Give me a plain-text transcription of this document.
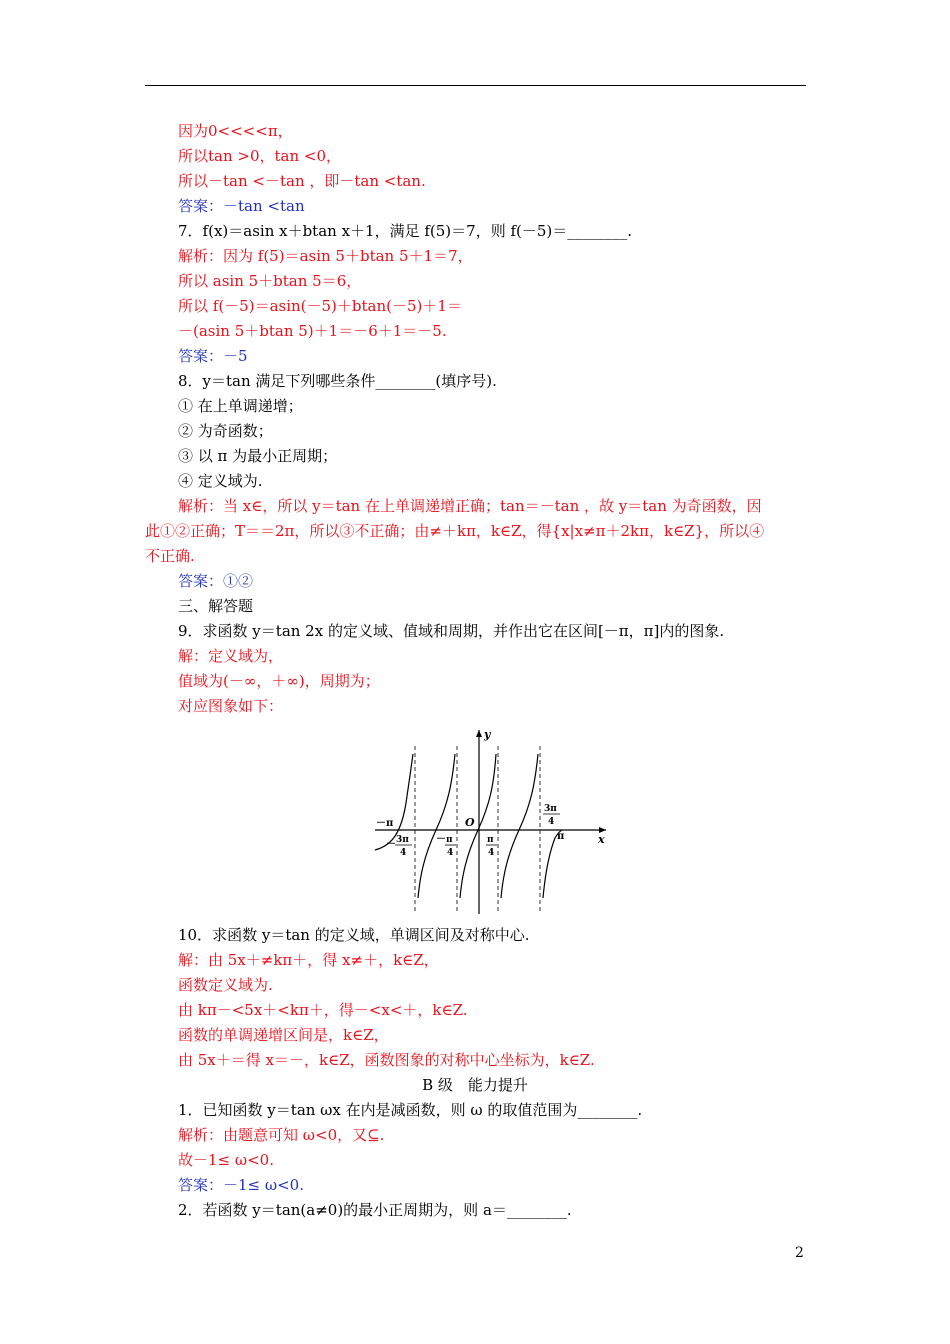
因为0<<<<π，
所以tan >0，tan <0，
所以－tan <－tan ，即－tan <tan.
答案：－tan <tan
7．f(x)＝asin x＋btan x＋1，满足 f(5)＝7，则 f(－5)＝________.
解析：因为 f(5)＝asin 5＋btan 5＋1＝7，
所以 asin 5＋btan 5＝6，
所以 f(－5)＝asin(－5)＋btan(－5)＋1＝
－(asin 5＋btan 5)＋1＝－6＋1＝－5.
答案：－5
8．y＝tan 满足下列哪些条件________(填序号).
① 在上单调递增；
② 为奇函数；
③ 以 π 为最小正周期；
④ 定义域为.
解析：当 x∈，所以 y＝tan 在上单调递增正确；tan＝－tan ，故 y＝tan 为奇函数，因
此①②正确；T＝＝2π，所以③不正确；由≠＋kπ，k∈Z，得{x|x≠π＋2kπ，k∈Z}，所以④
不正确.
答案：①②
三、解答题
9．求函数 y＝tan 2x 的定义域、值域和周期，并作出它在区间[－π，π]内的图象.
解：定义域为，
值域为(－∞，＋∞)，周期为；
对应图象如下：
y
x
O
－π
－ 3π
4
－ π
4
π
4
3π
4
π
10．求函数 y＝tan 的定义域，单调区间及对称中心.
解：由 5x＋≠kπ＋，得 x≠＋，k∈Z，
函数定义域为.
由 kπ－<5x＋<kπ＋，得－<x<＋，k∈Z.
函数的单调递增区间是，k∈Z，
由 5x＋＝得 x＝－，k∈Z，函数图象的对称中心坐标为，k∈Z.
B 级　能力提升
1．已知函数 y＝tan ωx 在内是减函数，则 ω 的取值范围为________.
解析：由题意可知 ω<0，又⊆.
故－1≤ ω<0.
答案：－1≤ ω<0.
2．若函数 y＝tan(a≠0)的最小正周期为，则 a＝________.
2
